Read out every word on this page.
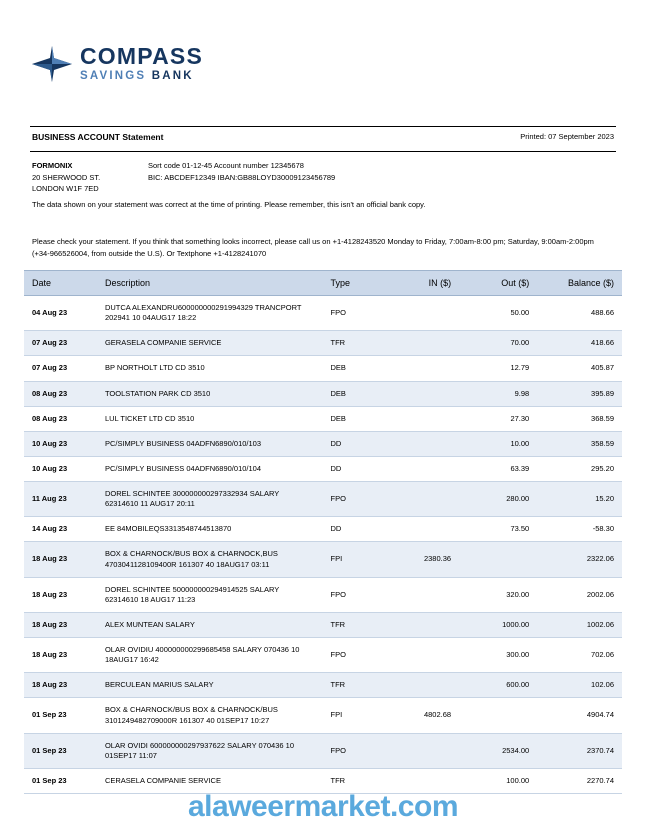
COMPASS
SAVINGS BANK
BUSINESS ACCOUNT Statement	Printed: 07 September 2023
FORMONIX
20 SHERWOOD ST.
LONDON W1F 7ED
Sort code 01-12-45 Account number 12345678
BIC: ABCDEF12349 IBAN:GB88LOYD30009123456789
The data shown on your statement was correct at the time of printing. Please remember, this isn't an official bank copy.
Please check your statement. If you think that something looks incorrect, please call us on +1-4128243520 Monday to Friday, 7:00am-8:00 pm; Saturday, 9:00am-2:00pm (+34-966526004, from outside the U.S). Or Textphone +1-4128241070
Date	Description	Type	IN ($)	Out ($)	Balance ($)
04 Aug 23	DUTCA ALEXANDRU600000000291994329 TRANCPORT 202941 10 04AUG17 18:22	FPO		50.00	488.66
07 Aug 23	GERASELA COMPANIE SERVICE	TFR		70.00	418.66
07 Aug 23	BP NORTHOLT LTD CD 3510	DEB		12.79	405.87
08 Aug 23	TOOLSTATION PARK CD 3510	DEB		9.98	395.89
08 Aug 23	LUL TICKET LTD CD 3510	DEB		27.30	368.59
10 Aug 23	PC/SIMPLY BUSINESS 04ADFN6890/010/103	DD		10.00	358.59
10 Aug 23	PC/SIMPLY BUSINESS 04ADFN6890/010/104	DD		63.39	295.20
11 Aug 23	DOREL SCHINTEE 300000000297332934 SALARY 62314610 11 AUG17 20:11	FPO		280.00	15.20
14 Aug 23	EE 84MOBILEQS3313548744513870	DD		73.50	-58.30
18 Aug 23	BOX & CHARNOCK/BUS BOX & CHARNOCK,BUS 4703041128109400R 161307 40 18AUG17 03:11	FPI	2380.36		2322.06
18 Aug 23	DOREL SCHINTEE 500000000294914525 SALARY 62314610 18 AUG17 11:23	FPO		320.00	2002.06
18 Aug 23	ALEX MUNTEAN SALARY	TFR		1000.00	1002.06
18 Aug 23	OLAR OVIDIU 400000000299685458 SALARY 070436 10 18AUG17 16:42	FPO		300.00	702.06
18 Aug 23	BERCULEAN MARIUS SALARY	TFR		600.00	102.06
01 Sep 23	BOX & CHARNOCK/BUS BOX & CHARNOCK/BUS 3101249482709000R 161307 40 01SEP17 10:27	FPI	4802.68		4904.74
01 Sep 23	OLAR OVIDI 600000000297937622 SALARY 070436 10 01SEP17 11:07	FPO		2534.00	2370.74
01 Sep 23	CERASELA COMPANIE SERVICE	TFR		100.00	2270.74
alaweermarket.com
